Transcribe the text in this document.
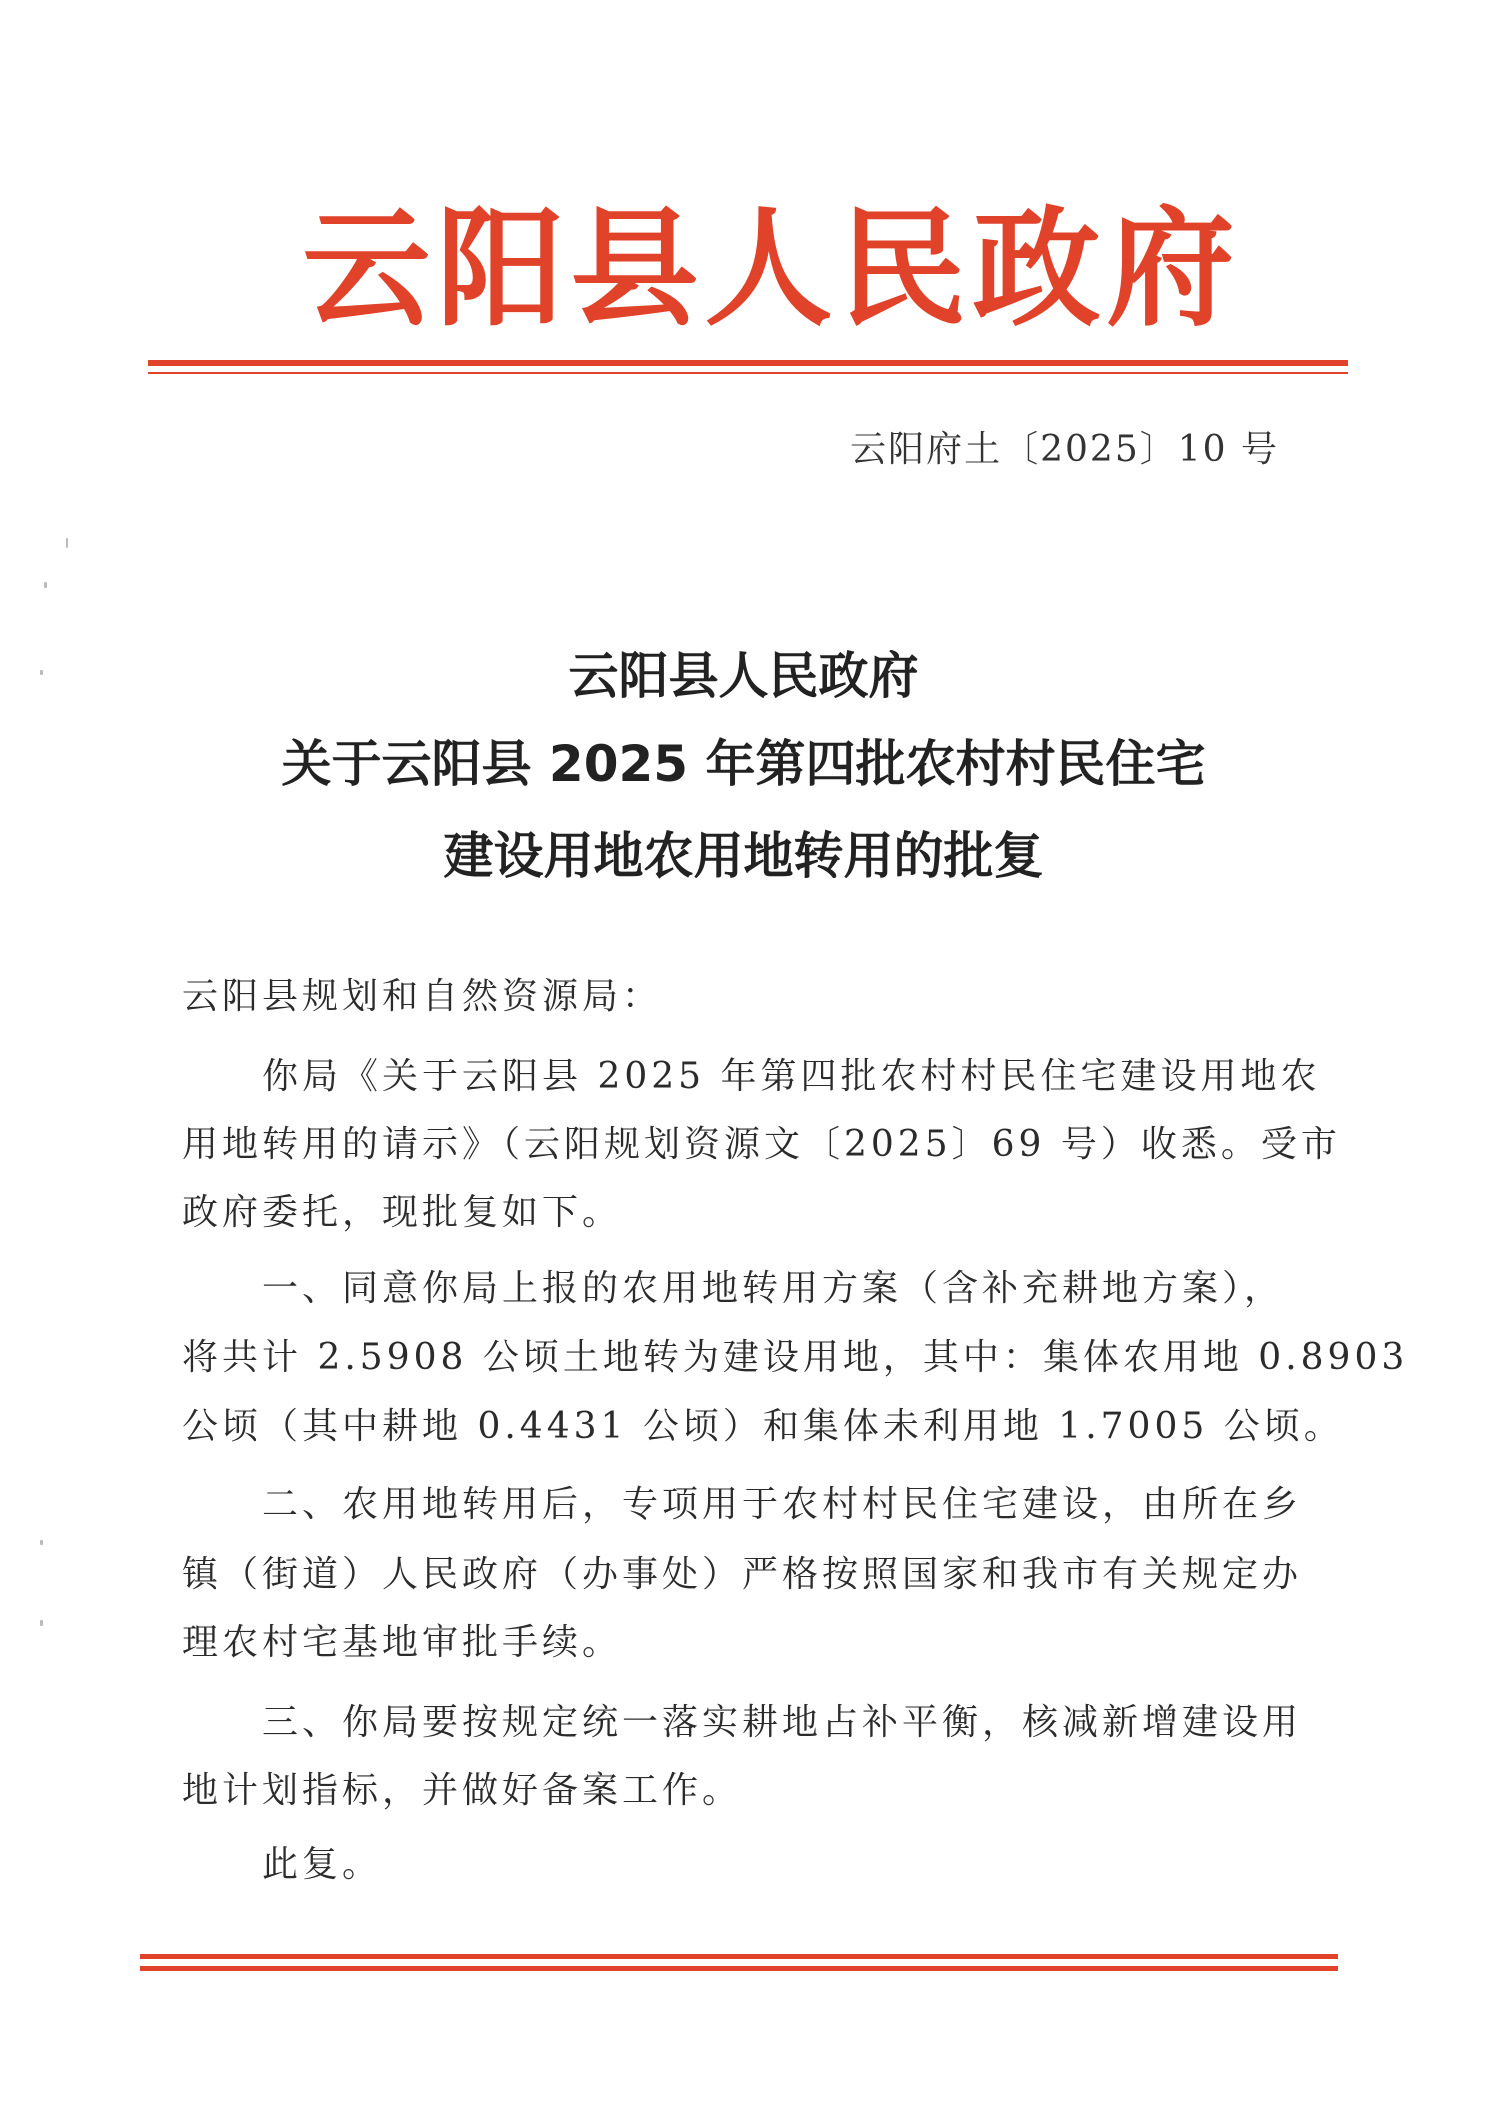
云阳县人民政府
云阳府土〔2025〕10 号
云阳县人民政府
关于云阳县 2025 年第四批农村村民住宅
建设用地农用地转用的批复
云阳县规划和自然资源局：
你局《关于云阳县 2025 年第四批农村村民住宅建设用地农
用地转用的请示》（云阳规划资源文〔2025〕69 号）收悉。受市
政府委托，现批复如下。
一、同意你局上报的农用地转用方案（含补充耕地方案），
将共计 2.5908 公顷土地转为建设用地，其中：集体农用地 0.8903
公顷（其中耕地 0.4431 公顷）和集体未利用地 1.7005 公顷。
二、农用地转用后，专项用于农村村民住宅建设，由所在乡
镇（街道）人民政府（办事处）严格按照国家和我市有关规定办
理农村宅基地审批手续。
三、你局要按规定统一落实耕地占补平衡，核减新增建设用
地计划指标，并做好备案工作。
此复。
